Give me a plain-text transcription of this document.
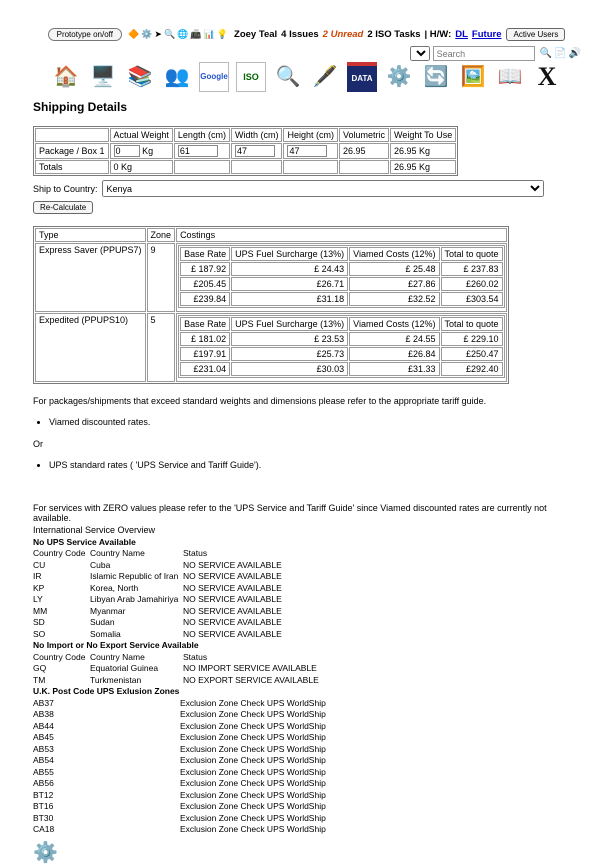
Prototype on/off	🔶 ⚙️ ➤ 🔍 🌐 📠 📊 💡 Zoey Teal 4 Issues 2 Unread 2 ISO Tasks | H/W: DL Future	Active Users
Search
🔍 📄 🔊
🏠 🖥️ 📚 👥	Google	ISO 🔍 🖋️	DATA ⚙️ 🔄 🖼️ 📖 X
Shipping Details
	Actual Weight	Length (cm)	Width (cm)	Height (cm)	Volumetric	Weight To Use
Package / Box 1	0Kg	61	47	47	26.95	26.95 Kg
Totals	0 Kg					26.95 Kg
Ship to Country:
Kenya
Re-Calculate
Type	Zone	Costings
Express Saver (PPUPS7)	9		Base Rate	UPS Fuel Surcharge (13%)	Viamed Costs (12%)	Total to quote
£ 187.92	£ 24.43	£ 25.48	£ 237.83
£205.45	£26.71	£27.86	£260.02
£239.84	£31.18	£32.52	£303.54

Expedited (PPUPS10)	5		Base Rate	UPS Fuel Surcharge (13%)	Viamed Costs (12%)	Total to quote
£ 181.02	£ 23.53	£ 24.55	£ 229.10
£197.91	£25.73	£26.84	£250.47
£231.04	£30.03	£31.33	£292.40

For packages/shipments that exceed standard weights and dimensions please refer to the appropriate tariff guide.

• Viamed discounted rates.

Or

• UPS standard rates ( 'UPS Service and Tariff Guide').

For services with ZERO values please refer to the 'UPS Service and Tariff Guide' since Viamed discounted rates are currently not available.

International Service Overview

No UPS Service Available
Country Code Country Name	Status
CU	Cuba	NO SERVICE AVAILABLE
IR	Islamic Republic of Iran NO SERVICE AVAILABLE
KP	Korea, North	NO SERVICE AVAILABLE
LY	Libyan Arab Jamahiriya NO SERVICE AVAILABLE
MM	Myanmar	NO SERVICE AVAILABLE
SD	Sudan	NO SERVICE AVAILABLE
SO	Somalia	NO SERVICE AVAILABLE
No Import or No Export Service Available
Country Code Country Name	Status
GQ	Equatorial Guinea	NO IMPORT SERVICE AVAILABLE
TM	Turkmenistan	NO EXPORT SERVICE AVAILABLE
U.K. Post Code UPS Exlusion Zones
AB37	Exclusion Zone Check UPS WorldShip
AB38	Exclusion Zone Check UPS WorldShip
AB44	Exclusion Zone Check UPS WorldShip
AB45	Exclusion Zone Check UPS WorldShip
AB53	Exclusion Zone Check UPS WorldShip
AB54	Exclusion Zone Check UPS WorldShip
AB55	Exclusion Zone Check UPS WorldShip
AB56	Exclusion Zone Check UPS WorldShip
BT12	Exclusion Zone Check UPS WorldShip
BT16	Exclusion Zone Check UPS WorldShip
BT30	Exclusion Zone Check UPS WorldShip
CA18	Exclusion Zone Check UPS WorldShip
⚙️
